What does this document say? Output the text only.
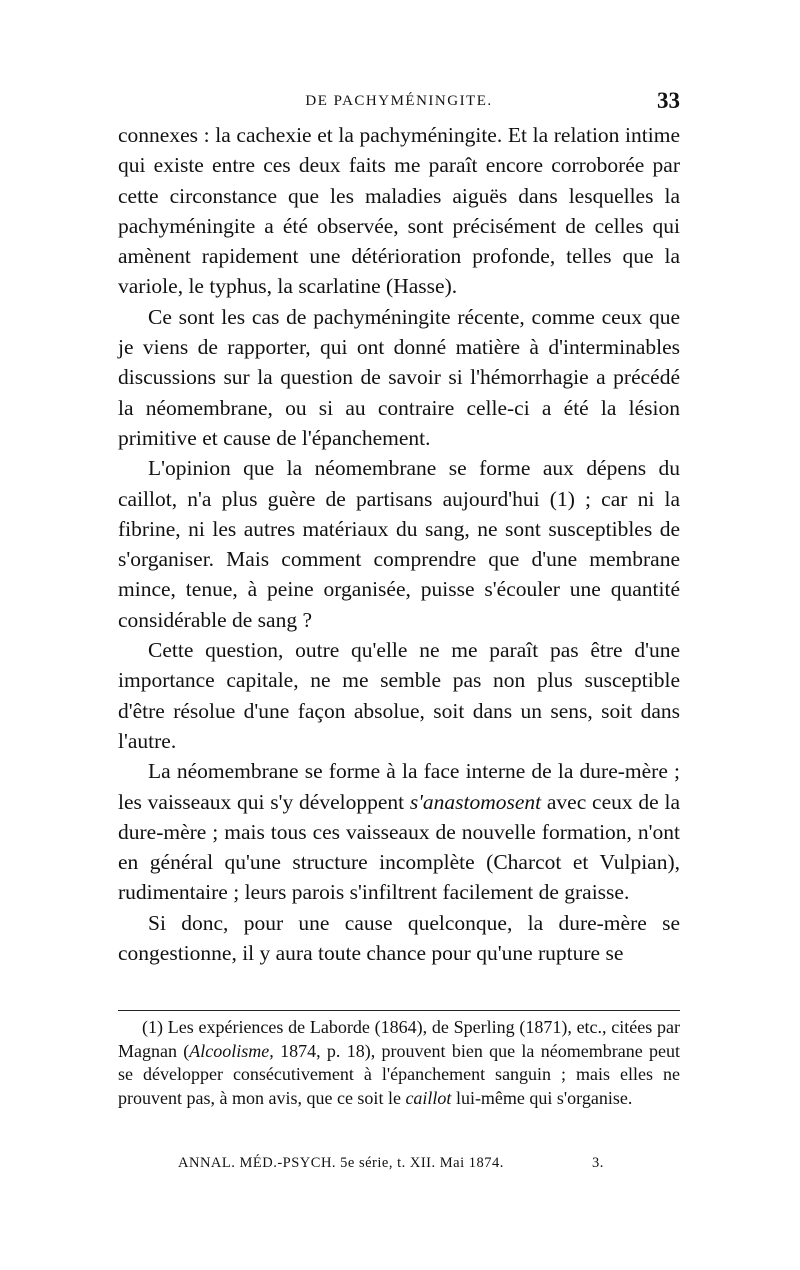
DE PACHYMÉNINGITE.	33

connexes : la cachexie et la pachyméningite. Et la relation intime qui existe entre ces deux faits me paraît encore corroborée par cette circonstance que les maladies aiguës dans lesquelles la pachyméningite a été observée, sont précisément de celles qui amènent rapidement une détérioration profonde, telles que la variole, le typhus, la scarlatine (Hasse).

Ce sont les cas de pachyméningite récente, comme ceux que je viens de rapporter, qui ont donné matière à d'interminables discussions sur la question de savoir si l'hémorrhagie a précédé la néomembrane, ou si au contraire celle-ci a été la lésion primitive et cause de l'épanchement.

L'opinion que la néomembrane se forme aux dépens du caillot, n'a plus guère de partisans aujourd'hui (1) ; car ni la fibrine, ni les autres matériaux du sang, ne sont susceptibles de s'organiser. Mais comment comprendre que d'une membrane mince, tenue, à peine organisée, puisse s'écouler une quantité considérable de sang ?

Cette question, outre qu'elle ne me paraît pas être d'une importance capitale, ne me semble pas non plus susceptible d'être résolue d'une façon absolue, soit dans un sens, soit dans l'autre.

La néomembrane se forme à la face interne de la dure-mère ; les vaisseaux qui s'y développent s'anastomosent avec ceux de la dure-mère ; mais tous ces vaisseaux de nouvelle formation, n'ont en général qu'une structure incomplète (Charcot et Vulpian), rudimentaire ; leurs parois s'infiltrent facilement de graisse.

Si donc, pour une cause quelconque, la dure-mère se congestionne, il y aura toute chance pour qu'une rupture se

(1) Les expériences de Laborde (1864), de Sperling (1871), etc., citées par Magnan (Alcoolisme, 1874, p. 18), prouvent bien que la néomembrane peut se développer consécutivement à l'épanchement sanguin ; mais elles ne prouvent pas, à mon avis, que ce soit le caillot lui-même qui s'organise.

ANNAL. MÉD.-PSYCH. 5e série, t. XII. Mai 1874.	3.
